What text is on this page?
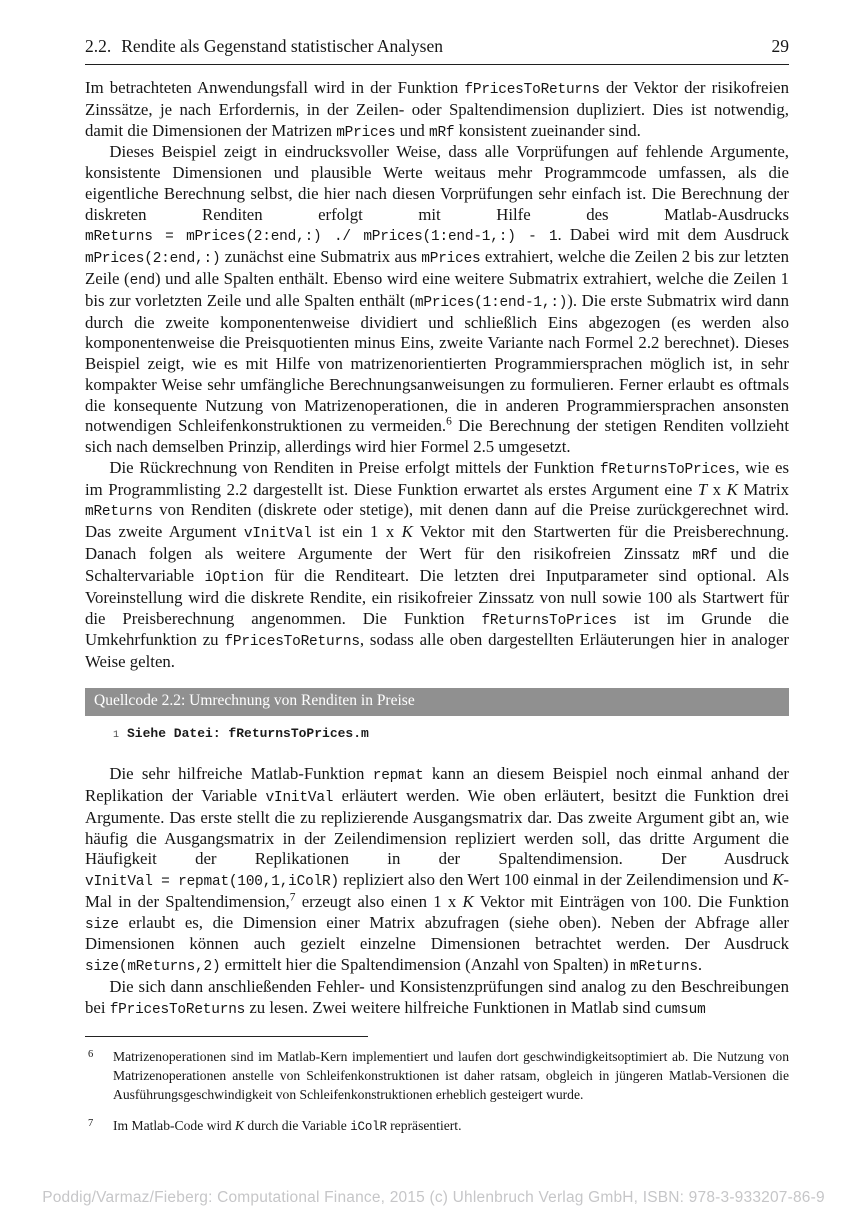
2.2. Rendite als Gegenstand statistischer Analysen	29

Im betrachteten Anwendungsfall wird in der Funktion fPricesToReturns der Vektor der risikofreien Zinssätze, je nach Erfordernis, in der Zeilen- oder Spaltendimension dupliziert. Dies ist notwendig, damit die Dimensionen der Matrizen mPrices und mRf konsistent zueinander sind.

Dieses Beispiel zeigt in eindrucksvoller Weise, dass alle Vorprüfungen auf fehlende Argumente, konsistente Dimensionen und plausible Werte weitaus mehr Programmcode umfassen, als die eigentliche Berechnung selbst, die hier nach diesen Vorprüfungen sehr einfach ist. Die Berechnung der diskreten Renditen erfolgt mit Hilfe des Matlab-Ausdrucks mReturns = mPrices(2:end,:) ./ mPrices(1:end-1,:) - 1. Dabei wird mit dem Ausdruck mPrices(2:end,:) zunächst eine Submatrix aus mPrices extrahiert, welche die Zeilen 2 bis zur letzten Zeile (end) und alle Spalten enthält. Ebenso wird eine weitere Submatrix extrahiert, welche die Zeilen 1 bis zur vorletzten Zeile und alle Spalten enthält (mPrices(1:end-1,:)). Die erste Submatrix wird dann durch die zweite komponentenweise dividiert und schließlich Eins abgezogen (es werden also komponentenweise die Preisquotienten minus Eins, zweite Variante nach Formel 2.2 berechnet). Dieses Beispiel zeigt, wie es mit Hilfe von matrizenorientierten Programmiersprachen möglich ist, in sehr kompakter Weise sehr umfängliche Berechnungsanweisungen zu formulieren. Ferner erlaubt es oftmals die konsequente Nutzung von Matrizenoperationen, die in anderen Programmiersprachen ansonsten notwendigen Schleifenkonstruktionen zu vermeiden.$^6$ Die Berechnung der stetigen Renditen vollzieht sich nach demselben Prinzip, allerdings wird hier Formel 2.5 umgesetzt.

Die Rückrechnung von Renditen in Preise erfolgt mittels der Funktion fReturnsToPrices, wie es im Programmlisting 2.2 dargestellt ist. Diese Funktion erwartet als erstes Argument eine T x K Matrix mReturns von Renditen (diskrete oder stetige), mit denen dann auf die Preise zurückgerechnet wird. Das zweite Argument vInitVal ist ein 1 x K Vektor mit den Startwerten für die Preisberechnung. Danach folgen als weitere Argumente der Wert für den risikofreien Zinssatz mRf und die Schaltervariable iOption für die Renditeart. Die letzten drei Inputparameter sind optional. Als Voreinstellung wird die diskrete Rendite, ein risikofreier Zinssatz von null sowie 100 als Startwert für die Preisberechnung angenommen. Die Funktion fReturnsToPrices ist im Grunde die Umkehrfunktion zu fPricesToReturns, sodass alle oben dargestellten Erläuterungen hier in analoger Weise gelten.

Quellcode 2.2: Umrechnung von Renditen in Preise
1 Siehe Datei: fReturnsToPrices.m

Die sehr hilfreiche Matlab-Funktion repmat kann an diesem Beispiel noch einmal anhand der Replikation der Variable vInitVal erläutert werden. Wie oben erläutert, besitzt die Funktion drei Argumente. Das erste stellt die zu replizierende Ausgangsmatrix dar. Das zweite Argument gibt an, wie häufig die Ausgangsmatrix in der Zeilendimension repliziert werden soll, das dritte Argument die Häufigkeit der Replikationen in der Spaltendimension. Der Ausdruck vInitVal = repmat(100,1,iColR) repliziert also den Wert 100 einmal in der Zeilendimension und K-Mal in der Spaltendimension,$^7$ erzeugt also einen 1 x K Vektor mit Einträgen von 100. Die Funktion size erlaubt es, die Dimension einer Matrix abzufragen (siehe oben). Neben der Abfrage aller Dimensionen können auch gezielt einzelne Dimensionen betrachtet werden. Der Ausdruck size(mReturns,2) ermittelt hier die Spaltendimension (Anzahl von Spalten) in mReturns.

Die sich dann anschließenden Fehler- und Konsistenzprüfungen sind analog zu den Beschreibungen bei fPricesToReturns zu lesen. Zwei weitere hilfreiche Funktionen in Matlab sind cumsum

6	Matrizenoperationen sind im Matlab-Kern implementiert und laufen dort geschwindigkeitsoptimiert ab. Die Nutzung von Matrizenoperationen anstelle von Schleifenkonstruktionen ist daher ratsam, obgleich in jüngeren Matlab-Versionen die Ausführungsgeschwindigkeit von Schleifenkonstruktionen erheblich gesteigert wurde.
7	Im Matlab-Code wird K durch die Variable iColR repräsentiert.
Poddig/Varmaz/Fieberg: Computational Finance, 2015 (c) Uhlenbruch Verlag GmbH, ISBN: 978-3-933207-86-9
